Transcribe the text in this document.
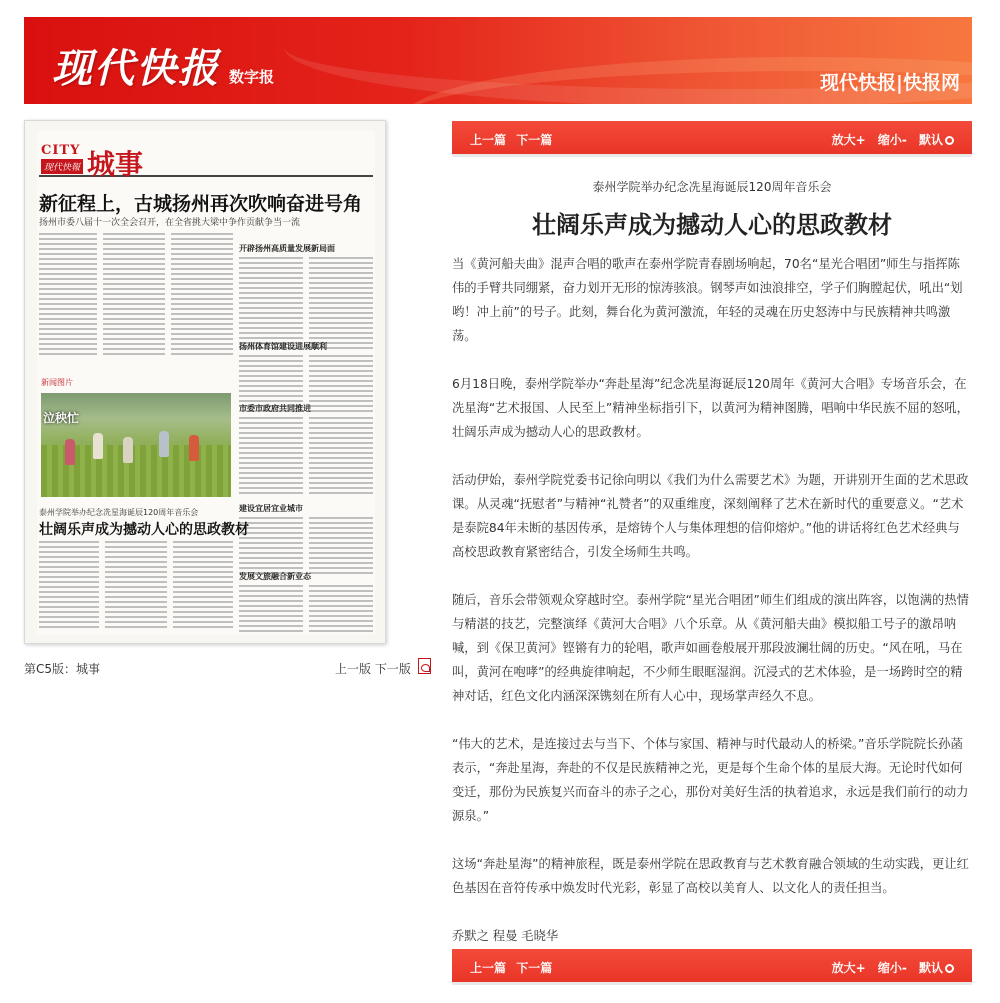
现代快报 数字报	现代快报|快报网
CITY
现代快報 城事
新征程上，古城扬州再次吹响奋进号角
扬州市委八届十一次全会召开，在全省挑大梁中争作贡献争当一流
开辟扬州高质量发展新局面
扬州体育馆建设进展顺利
市委市政府共同推进
建设宜居宜业城市
发展文旅融合新业态
新闻图片
泣秧忙
泰州学院举办纪念冼星海诞辰120周年音乐会
壮阔乐声成为撼动人心的思政教材
第C5版：城事	上一版 下一版
上一篇 下一篇	放大+ 缩小- 默认
泰州学院举办纪念冼星海诞辰120周年音乐会
壮阔乐声成为撼动人心的思政教材

当《黄河船夫曲》混声合唱的歌声在泰州学院青春剧场响起，70名“星光合唱团”师生与指挥陈伟的手臂共同绷紧，奋力划开无形的惊涛骇浪。钢琴声如浊浪排空，学子们胸膛起伏，吼出“划哟！冲上前”的号子。此刻，舞台化为黄河激流，年轻的灵魂在历史怒涛中与民族精神共鸣激荡。

6月18日晚，泰州学院举办“奔赴星海”纪念冼星海诞辰120周年《黄河大合唱》专场音乐会，在冼星海“艺术报国、人民至上”精神坐标指引下，以黄河为精神图腾，唱响中华民族不屈的怒吼，壮阔乐声成为撼动人心的思政教材。

活动伊始，泰州学院党委书记徐向明以《我们为什么需要艺术》为题，开讲别开生面的艺术思政课。从灵魂“抚慰者”与精神“礼赞者”的双重维度，深刻阐释了艺术在新时代的重要意义。“艺术是泰院84年未断的基因传承，是熔铸个人与集体理想的信仰熔炉。”他的讲话将红色艺术经典与高校思政教育紧密结合，引发全场师生共鸣。

随后，音乐会带领观众穿越时空。泰州学院“星光合唱团”师生们组成的演出阵容，以饱满的热情与精湛的技艺，完整演绎《黄河大合唱》八个乐章。从《黄河船夫曲》模拟船工号子的激昂呐喊，到《保卫黄河》铿锵有力的轮唱，歌声如画卷般展开那段波澜壮阔的历史。“风在吼，马在叫，黄河在咆哮”的经典旋律响起，不少师生眼眶湿润。沉浸式的艺术体验，是一场跨时空的精神对话，红色文化内涵深深镌刻在所有人心中，现场掌声经久不息。

“伟大的艺术，是连接过去与当下、个体与家国、精神与时代最动人的桥梁。”音乐学院院长孙菡表示，“奔赴星海，奔赴的不仅是民族精神之光，更是每个生命个体的星辰大海。无论时代如何变迁，那份为民族复兴而奋斗的赤子之心，那份对美好生活的执着追求，永远是我们前行的动力源泉。”

这场“奔赴星海”的精神旅程，既是泰州学院在思政教育与艺术教育融合领域的生动实践，更让红色基因在音符传承中焕发时代光彩，彰显了高校以美育人、以文化人的责任担当。

乔默之 程曼 毛晓华

上一篇 下一篇	放大+ 缩小- 默认
